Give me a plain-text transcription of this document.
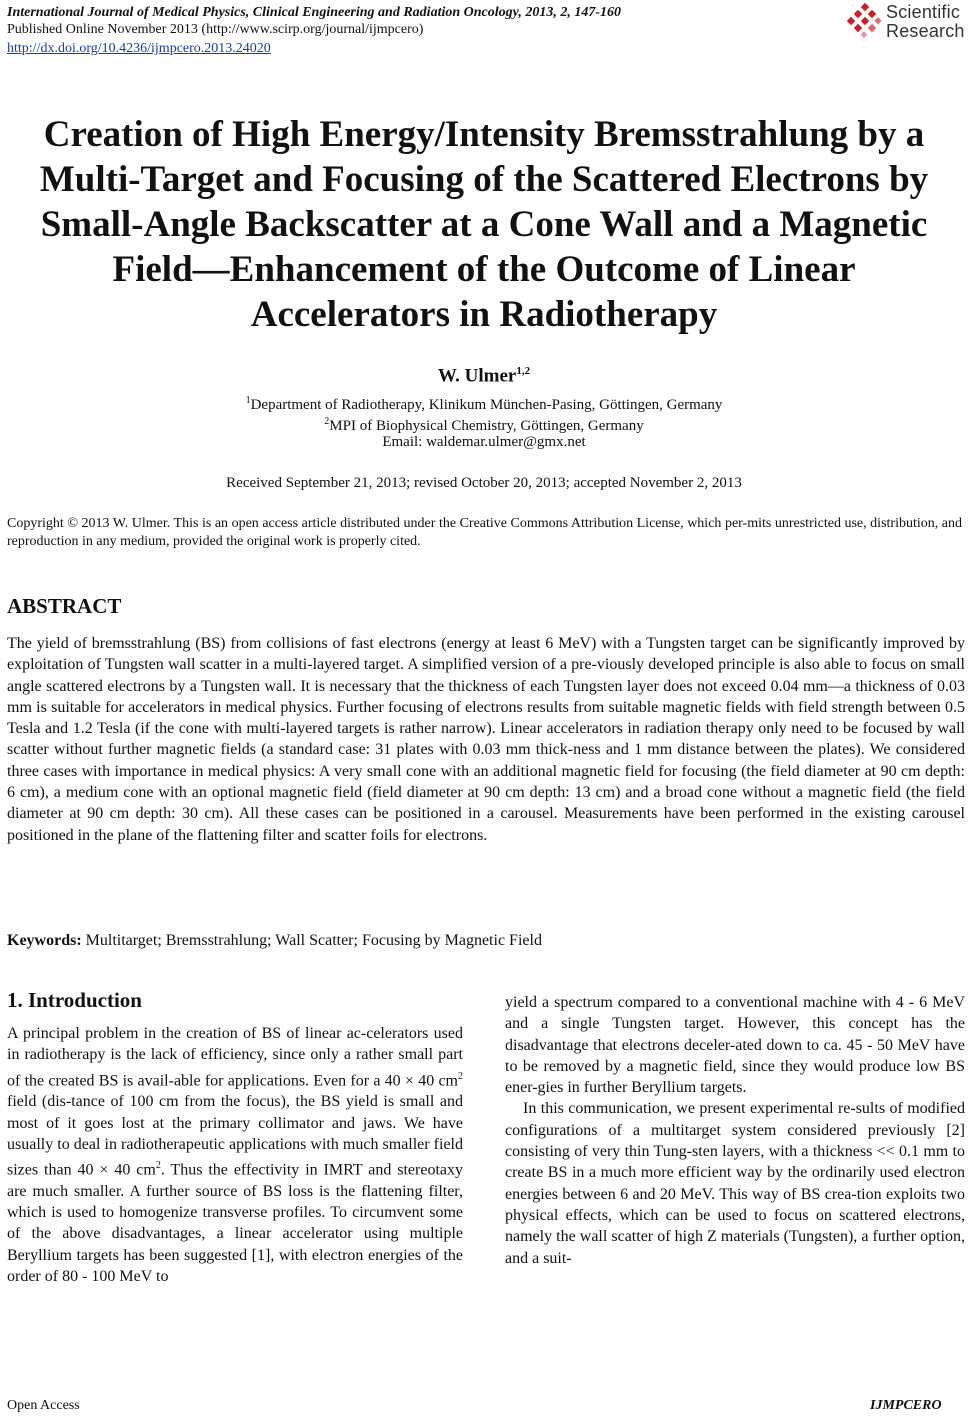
International Journal of Medical Physics, Clinical Engineering and Radiation Oncology, 2013, 2, 147-160
Published Online November 2013 (http://www.scirp.org/journal/ijmpcero)
http://dx.doi.org/10.4236/ijmpcero.2013.24020
Scientific
Research
Creation of High Energy/Intensity Bremsstrahlung by a
Multi-Target and Focusing of the Scattered Electrons by
Small-Angle Backscatter at a Cone Wall and a Magnetic
Field—Enhancement of the Outcome of Linear
Accelerators in Radiotherapy
W. Ulmer$^{1,2}$
$^1$Department of Radiotherapy, Klinikum München-Pasing, Göttingen, Germany
$^2$MPI of Biophysical Chemistry, Göttingen, Germany
Email: waldemar.ulmer@gmx.net
Received September 21, 2013; revised October 20, 2013; accepted November 2, 2013
Copyright © 2013 W. Ulmer. This is an open access article distributed under the Creative Commons Attribution License, which per-mits unrestricted use, distribution, and reproduction in any medium, provided the original work is properly cited.
ABSTRACT
The yield of bremsstrahlung (BS) from collisions of fast electrons (energy at least 6 MeV) with a Tungsten target can be significantly improved by exploitation of Tungsten wall scatter in a multi-layered target. A simplified version of a pre-viously developed principle is also able to focus on small angle scattered electrons by a Tungsten wall. It is necessary that the thickness of each Tungsten layer does not exceed 0.04 mm—a thickness of 0.03 mm is suitable for accelerators in medical physics. Further focusing of electrons results from suitable magnetic fields with field strength between 0.5 Tesla and 1.2 Tesla (if the cone with multi-layered targets is rather narrow). Linear accelerators in radiation therapy only need to be focused by wall scatter without further magnetic fields (a standard case: 31 plates with 0.03 mm thick-ness and 1 mm distance between the plates). We considered three cases with importance in medical physics: A very small cone with an additional magnetic field for focusing (the field diameter at 90 cm depth: 6 cm), a medium cone with an optional magnetic field (field diameter at 90 cm depth: 13 cm) and a broad cone without a magnetic field (the field diameter at 90 cm depth: 30 cm). All these cases can be positioned in a carousel. Measurements have been performed in the existing carousel positioned in the plane of the flattening filter and scatter foils for electrons.
Keywords: Multitarget; Bremsstrahlung; Wall Scatter; Focusing by Magnetic Field
1. Introduction

A principal problem in the creation of BS of linear ac-celerators used in radiotherapy is the lack of efficiency, since only a rather small part of the created BS is avail-able for applications. Even for a 40 × 40 $cm^2$ field (dis-tance of 100 cm from the focus), the BS yield is small and most of it goes lost at the primary collimator and jaws. We have usually to deal in radiotherapeutic applications with much smaller field sizes than 40 × 40 $cm^2$. Thus the effectivity in IMRT and stereotaxy are much smaller. A further source of BS loss is the flattening filter, which is used to homogenize transverse profiles. To circumvent some of the above disadvantages, a linear accelerator using multiple Beryllium targets has been suggested [1], with electron energies of the order of 80 - 100 MeV to

yield a spectrum compared to a conventional machine with 4 - 6 MeV and a single Tungsten target. However, this concept has the disadvantage that electrons deceler-ated down to ca. 45 - 50 MeV have to be removed by a magnetic field, since they would produce low BS ener-gies in further Beryllium targets.

In this communication, we present experimental re-sults of modified configurations of a multitarget system considered previously [2] consisting of very thin Tung-sten layers, with a thickness << 0.1 mm to create BS in a much more efficient way by the ordinarily used electron energies between 6 and 20 MeV. This way of BS crea-tion exploits two physical effects, which can be used to focus on scattered electrons, namely the wall scatter of high Z materials (Tungsten), a further option, and a suit-

Open Access	IJMPCERO
